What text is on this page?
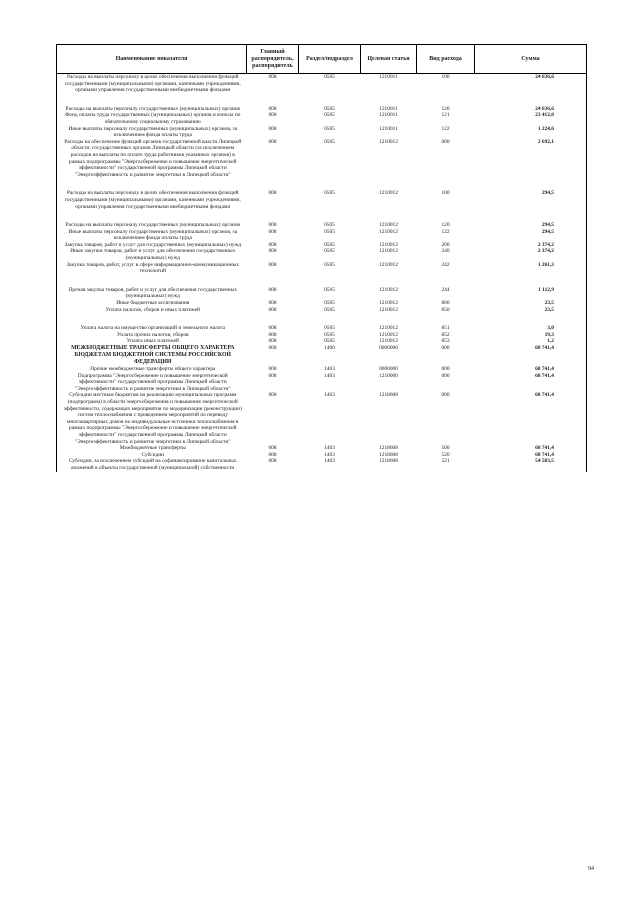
Наименование показателя	Главный распорядитель, распорядитель	Раздел/подраздел	Целевая статья	Вид расхода	Сумма
Расходы на выплаты персоналу в целях обеспечения выполнения функций государственными (муниципальными) органами, казенными учреждениями, органами управления государственными внебюджетными фондами	008	0505	1210011	100	24 636,6
Расходы на выплаты персоналу государственных (муниципальных) органов	008	0505	1210011	120	24 636,6
Фонд оплаты труда государственных (муниципальных) органов и взносы по обязательному социальному страхованию	008	0505	1210011	121	23 412,0
Иные выплаты персоналу государственных (муниципальных) органов, за исключением фонда оплаты труда	008	0505	1210011	122	1 224,6
Расходы на обеспечение функций органов государственной власти Липецкой области, государственных органов Липецкой области (за исключением расходов на выплаты по оплате труда работников указанных органов) в рамках подпрограммы "Энергосбережение и повышение энергетической эффективности" государственной программы Липецкой области "Энергоэффективность и развитие энергетики в Липецкой области"	008	0505	1210012	000	2 692,1
Расходы на выплаты персоналу в целях обеспечения выполнения функций государственными (муниципальными) органами, казенными учреждениями, органами управления государственными внебюджетными фондами	008	0505	1210012	100	294,5
Расходы на выплаты персоналу государственных (муниципальных) органов	008	0505	1210012	120	294,5
Иные выплаты персоналу государственных (муниципальных) органов, за исключением фонда оплаты труда	008	0505	1210012	122	294,5
Закупка товаров, работ и услуг для государственных (муниципальных) нужд	008	0505	1210012	200	2 374,2
Иные закупки товаров, работ и услуг для обеспечения государственных (муниципальных) нужд	008	0505	1210012	240	2 374,2
Закупка товаров, работ, услуг в сфере информационно-коммуникационных технологий	008	0505	1210012	242	1 261,3
Прочая закупка товаров, работ и услуг для обеспечения государственных (муниципальных) нужд	008	0505	1210012	244	1 112,9
Иные бюджетные ассигнования	008	0505	1210012	800	23,5
Уплата налогов, сборов и иных платежей	008	0505	1210012	850	23,5
Уплата налога на имущество организаций и земельного налога	008	0505	1210012	851	3,0
Уплата прочих налогов, сборов	008	0505	1210012	852	19,3
Уплата иных платежей	008	0505	1210012	853	1,2
МЕЖБЮДЖЕТНЫЕ ТРАНСФЕРТЫ ОБЩЕГО ХАРАКТЕРА БЮДЖЕТАМ БЮДЖЕТНОЙ СИСТЕМЫ РОССИЙСКОЙ ФЕДЕРАЦИИ	008	1400	0000000	000	68 741,4
Прочие межбюджетные трансферты общего характера	008	1403	0000000	000	68 741,4
Подпрограмма "Энергосбережение и повышение энергетической эффективности" государственной программы Липецкой области "Энергоэффективность и развитие энергетики в Липецкой области"	008	1403	1210000	000	68 741,4
Субсидии местным бюджетам на реализацию муниципальных программ (подпрограмм) в области энергосбережения и повышения энергетической эффективности, содержащих мероприятия по модернизации (реконструкции) систем теплоснабжения с проведением мероприятий по переводу многоквартирных домов на индивидуальные источники теплоснабжения в рамках подпрограммы "Энергосбережение и повышение энергетической эффективности" государственной программы Липецкой области "Энергоэффективность и развитие энергетики в Липецкой области"	008	1403	1218608	000	68 741,4
Межбюджетные трансферты	008	1403	1218608	500	68 741,4
Субсидии	008	1403	1218608	520	68 741,4
Субсидии, за исключением субсидий на софинансирование капитальных вложений в объекты государственной (муниципальной) собственности	008	1403	1218608	521	54 583,5
94
